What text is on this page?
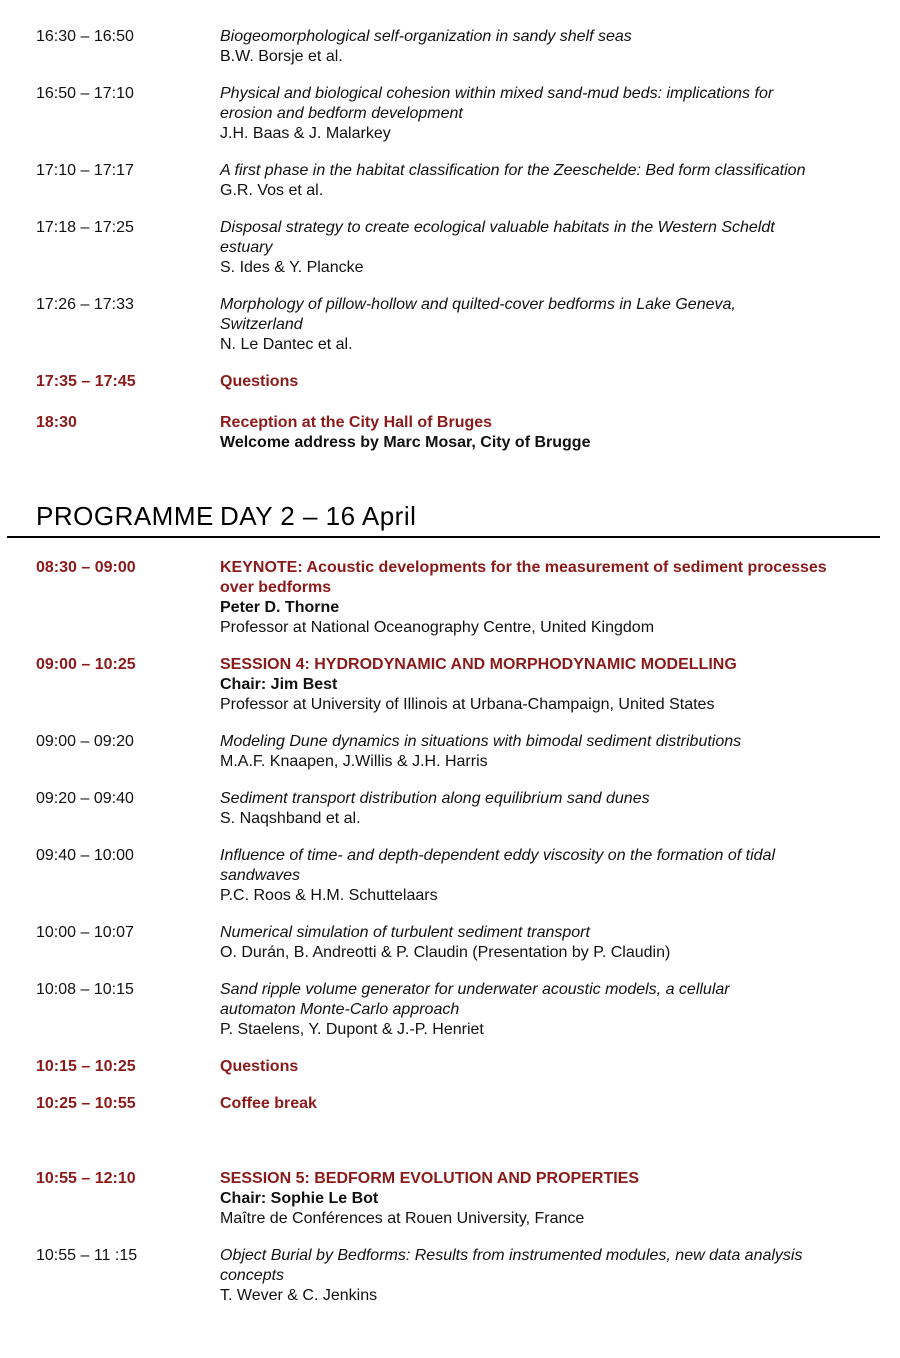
16:30 – 16:50	Biogeomorphological self-organization in sandy shelf seas
B.W. Borsje et al.
16:50 – 17:10	Physical and biological cohesion within mixed sand-mud beds: implications for
erosion and bedform development
J.H. Baas & J. Malarkey
17:10 – 17:17	A first phase in the habitat classification for the Zeeschelde: Bed form classification
G.R. Vos et al.
17:18 – 17:25	Disposal strategy to create ecological valuable habitats in the Western Scheldt
estuary
S. Ides & Y. Plancke
17:26 – 17:33	Morphology of pillow-hollow and quilted-cover bedforms in Lake Geneva,
Switzerland
N. Le Dantec et al.
17:35 – 17:45	Questions
18:30	Reception at the City Hall of Bruges
Welcome address by Marc Mosar, City of Brugge
PROGRAMME DAY 2 – 16 April
08:30 – 09:00	KEYNOTE: Acoustic developments for the measurement of sediment processes
over bedforms
Peter D. Thorne
Professor at National Oceanography Centre, United Kingdom
09:00 – 10:25	SESSION 4: HYDRODYNAMIC AND MORPHODYNAMIC MODELLING
Chair: Jim Best
Professor at University of Illinois at Urbana-Champaign, United States
09:00 – 09:20	Modeling Dune dynamics in situations with bimodal sediment distributions
M.A.F. Knaapen, J.Willis & J.H. Harris
09:20 – 09:40	Sediment transport distribution along equilibrium sand dunes
S. Naqshband et al.
09:40 – 10:00	Influence of time- and depth-dependent eddy viscosity on the formation of tidal
sandwaves
P.C. Roos & H.M. Schuttelaars
10:00 – 10:07	Numerical simulation of turbulent sediment transport
O. Durán, B. Andreotti & P. Claudin (Presentation by P. Claudin)
10:08 – 10:15	Sand ripple volume generator for underwater acoustic models, a cellular
automaton Monte-Carlo approach
P. Staelens, Y. Dupont & J.-P. Henriet
10:15 – 10:25	Questions
10:25 – 10:55	Coffee break
10:55 – 12:10	SESSION 5: BEDFORM EVOLUTION AND PROPERTIES
Chair: Sophie Le Bot
Maître de Conférences at Rouen University, France
10:55 – 11 :15	Object Burial by Bedforms: Results from instrumented modules, new data analysis
concepts
T. Wever & C. Jenkins
